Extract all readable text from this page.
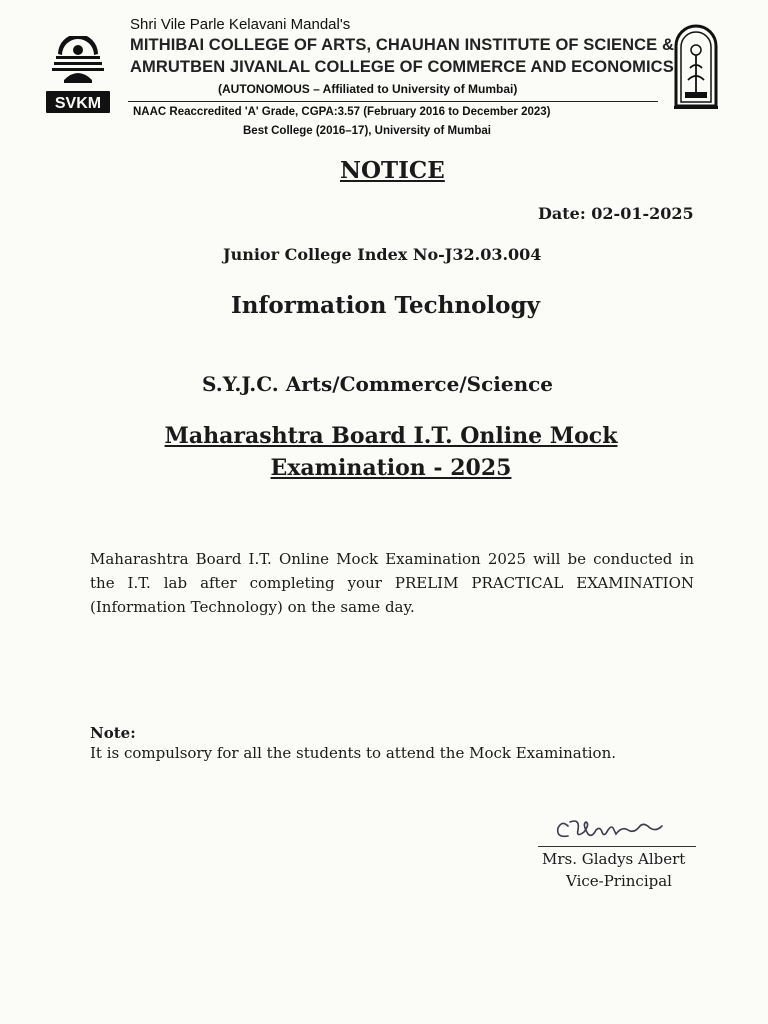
SVKM
Shri Vile Parle Kelavani Mandal's
MITHIBAI COLLEGE OF ARTS, CHAUHAN INSTITUTE OF SCIENCE &
AMRUTBEN JIVANLAL COLLEGE OF COMMERCE AND ECONOMICS
(AUTONOMOUS – Affiliated to University of Mumbai)
NAAC Reaccredited 'A' Grade, CGPA:3.57 (February 2016 to December 2023)
Best College (2016–17), University of Mumbai
NOTICE
Date: 02-01-2025
Junior College Index No-J32.03.004
Information Technology
S.Y.J.C. Arts/Commerce/Science
Maharashtra Board I.T. Online Mock
Examination - 2025
Maharashtra Board I.T. Online Mock Examination 2025 will be conducted in the I.T. lab after completing your PRELIM PRACTICAL EXAMINATION (Information Technology) on the same day.
Note:
It is compulsory for all the students to attend the Mock Examination.
Mrs. Gladys Albert
Vice-Principal
